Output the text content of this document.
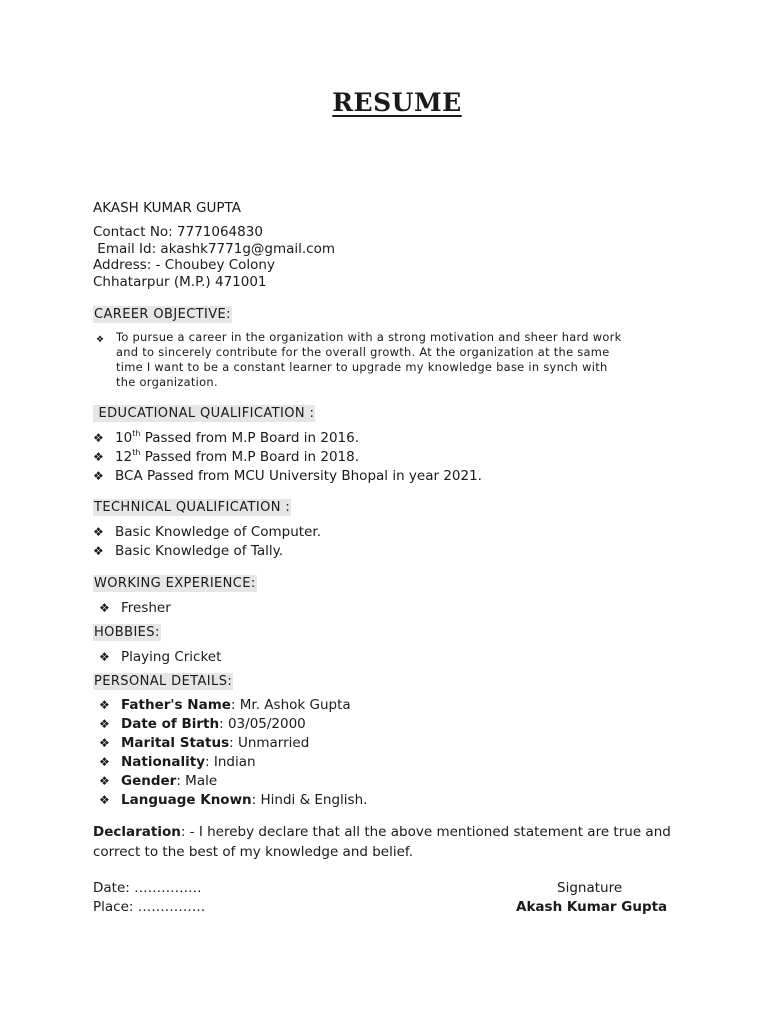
RESUME
AKASH KUMAR GUPTA
Contact No: 7771064830
Email Id: akashk7771g@gmail.com
Address: - Choubey Colony
Chhatarpur (M.P.) 471001
CAREER OBJECTIVE:
❖ To pursue a career in the organization with a strong motivation and sheer hard work
and to sincerely contribute for the overall growth. At the organization at the same
time I want to be a constant learner to upgrade my knowledge base in synch with
the organization.
EDUCATIONAL QUALIFICATION :
❖ 10th Passed from M.P Board in 2016.
❖ 12th Passed from M.P Board in 2018.
❖ BCA Passed from MCU University Bhopal in year 2021.
TECHNICAL QUALIFICATION :
❖ Basic Knowledge of Computer.
❖ Basic Knowledge of Tally.
WORKING EXPERIENCE:
❖ Fresher
HOBBIES:
❖ Playing Cricket
PERSONAL DETAILS:
❖ Father's Name: Mr. Ashok Gupta
❖ Date of Birth: 03/05/2000
❖ Marital Status: Unmarried
❖ Nationality: Indian
❖ Gender: Male
❖ Language Known: Hindi & English.
Declaration: - I hereby declare that all the above mentioned statement are true and correct to the best of my knowledge and belief.
Date: ……………
Place: ……………
Signature
Akash Kumar Gupta
